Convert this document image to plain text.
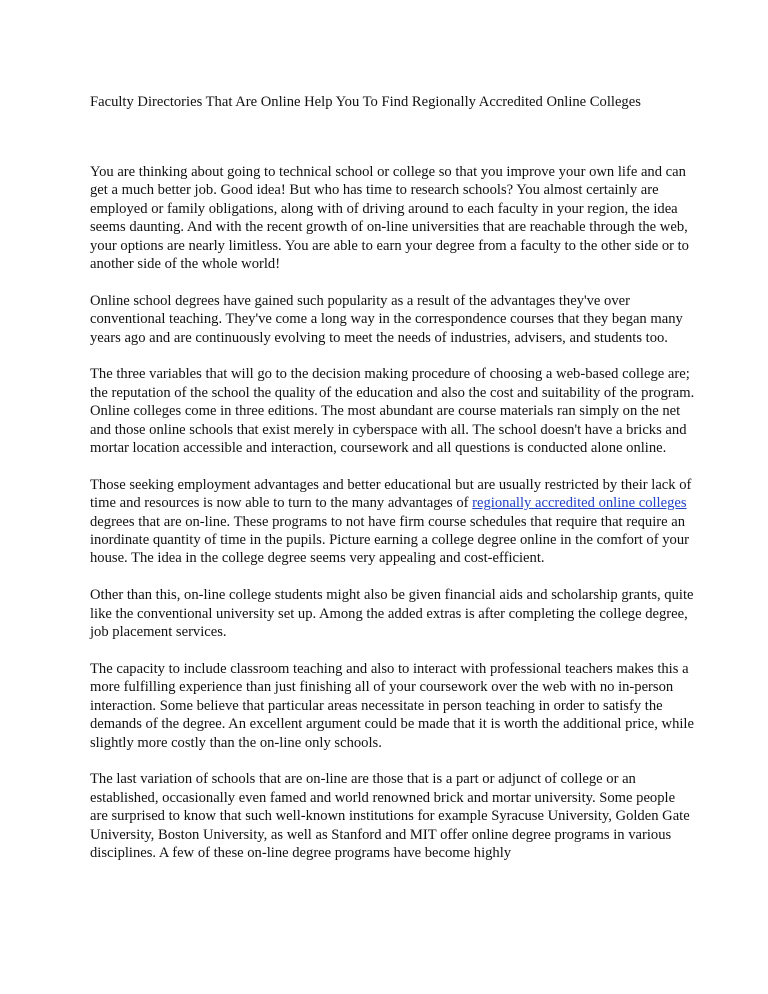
Faculty Directories That Are Online Help You To Find Regionally Accredited Online Colleges

You are thinking about going to technical school or college so that you improve your own life and can get a much better job. Good idea! But who has time to research schools? You almost certainly are employed or family obligations, along with of driving around to each faculty in your region, the idea seems daunting. And with the recent growth of on-line universities that are reachable through the web, your options are nearly limitless. You are able to earn your degree from a faculty to the other side or to another side of the whole world!

Online school degrees have gained such popularity as a result of the advantages they've over conventional teaching. They've come a long way in the correspondence courses that they began many years ago and are continuously evolving to meet the needs of industries, advisers, and students too.

The three variables that will go to the decision making procedure of choosing a web-based college are; the reputation of the school the quality of the education and also the cost and suitability of the program. Online colleges come in three editions. The most abundant are course materials ran simply on the net and those online schools that exist merely in cyberspace with all. The school doesn't have a bricks and mortar location accessible and interaction, coursework and all questions is conducted alone online.

Those seeking employment advantages and better educational but are usually restricted by their lack of time and resources is now able to turn to the many advantages of regionally accredited online colleges degrees that are on-line. These programs to not have firm course schedules that require that require an inordinate quantity of time in the pupils. Picture earning a college degree online in the comfort of your house. The idea in the college degree seems very appealing and cost-efficient.

Other than this, on-line college students might also be given financial aids and scholarship grants, quite like the conventional university set up. Among the added extras is after completing the college degree, job placement services.

The capacity to include classroom teaching and also to interact with professional teachers makes this a more fulfilling experience than just finishing all of your coursework over the web with no in-person interaction. Some believe that particular areas necessitate in person teaching in order to satisfy the demands of the degree. An excellent argument could be made that it is worth the additional price, while slightly more costly than the on-line only schools.

The last variation of schools that are on-line are those that is a part or adjunct of college or an established, occasionally even famed and world renowned brick and mortar university. Some people are surprised to know that such well-known institutions for example Syracuse University, Golden Gate University, Boston University, as well as Stanford and MIT offer online degree programs in various disciplines. A few of these on-line degree programs have become highly
